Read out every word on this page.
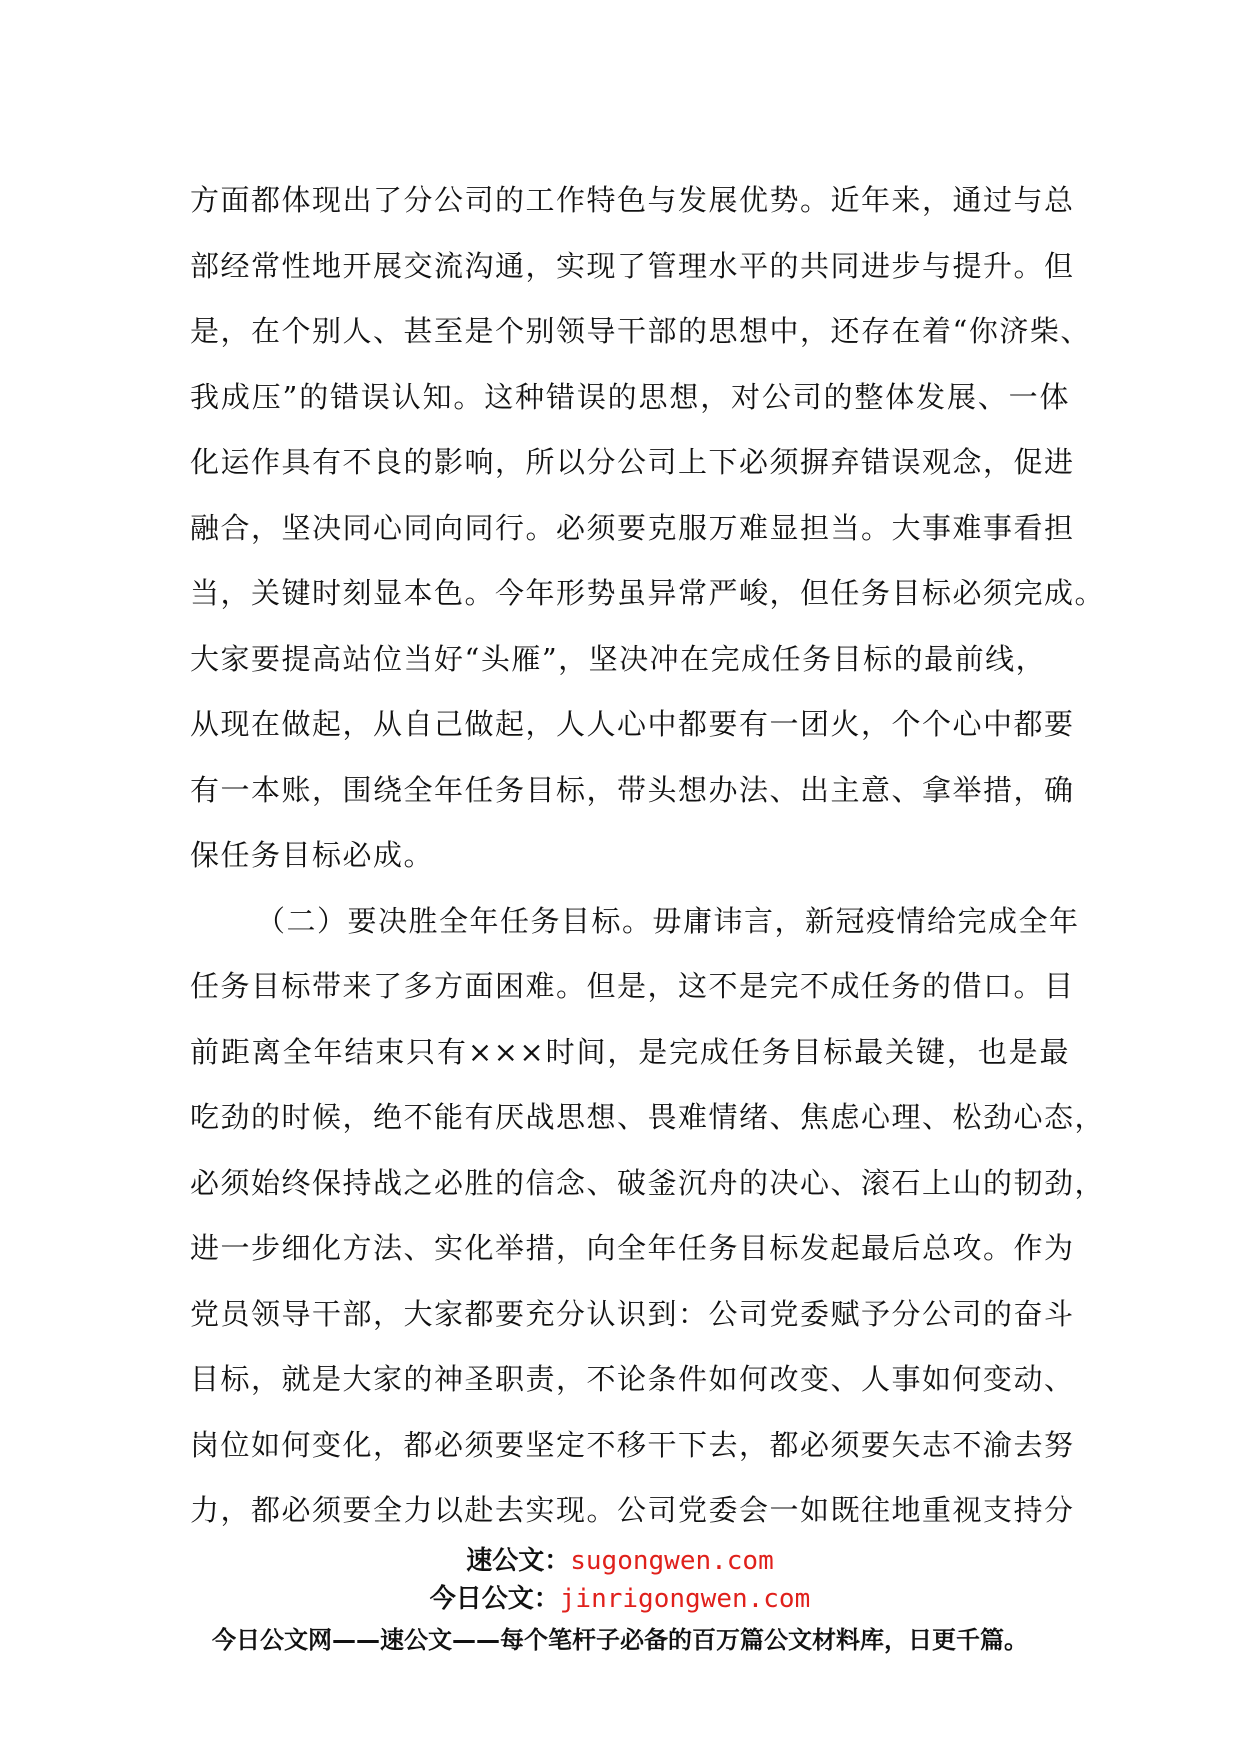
方面都体现出了分公司的工作特色与发展优势。近年来，通过与总
部经常性地开展交流沟通，实现了管理水平的共同进步与提升。但
是，在个别人、甚至是个别领导干部的思想中，还存在着“你济柴、
我成压”的错误认知。这种错误的思想，对公司的整体发展、一体
化运作具有不良的影响，所以分公司上下必须摒弃错误观念，促进
融合，坚决同心同向同行。必须要克服万难显担当。大事难事看担
当，关键时刻显本色。今年形势虽异常严峻，但任务目标必须完成。
大家要提高站位当好“头雁”，坚决冲在完成任务目标的最前线，
从现在做起，从自己做起，人人心中都要有一团火，个个心中都要
有一本账，围绕全年任务目标，带头想办法、出主意、拿举措，确
保任务目标必成。
（二）要决胜全年任务目标。毋庸讳言，新冠疫情给完成全年
任务目标带来了多方面困难。但是，这不是完不成任务的借口。目
前距离全年结束只有×××时间，是完成任务目标最关键，也是最
吃劲的时候，绝不能有厌战思想、畏难情绪、焦虑心理、松劲心态，
必须始终保持战之必胜的信念、破釜沉舟的决心、滚石上山的韧劲，
进一步细化方法、实化举措，向全年任务目标发起最后总攻。作为
党员领导干部，大家都要充分认识到：公司党委赋予分公司的奋斗
目标，就是大家的神圣职责，不论条件如何改变、人事如何变动、
岗位如何变化，都必须要坚定不移干下去，都必须要矢志不渝去努
力，都必须要全力以赴去实现。公司党委会一如既往地重视支持分
速公文：sugongwen.com
今日公文：jinrigongwen.com
今日公文网——速公文——每个笔杆子必备的百万篇公文材料库，日更千篇。
